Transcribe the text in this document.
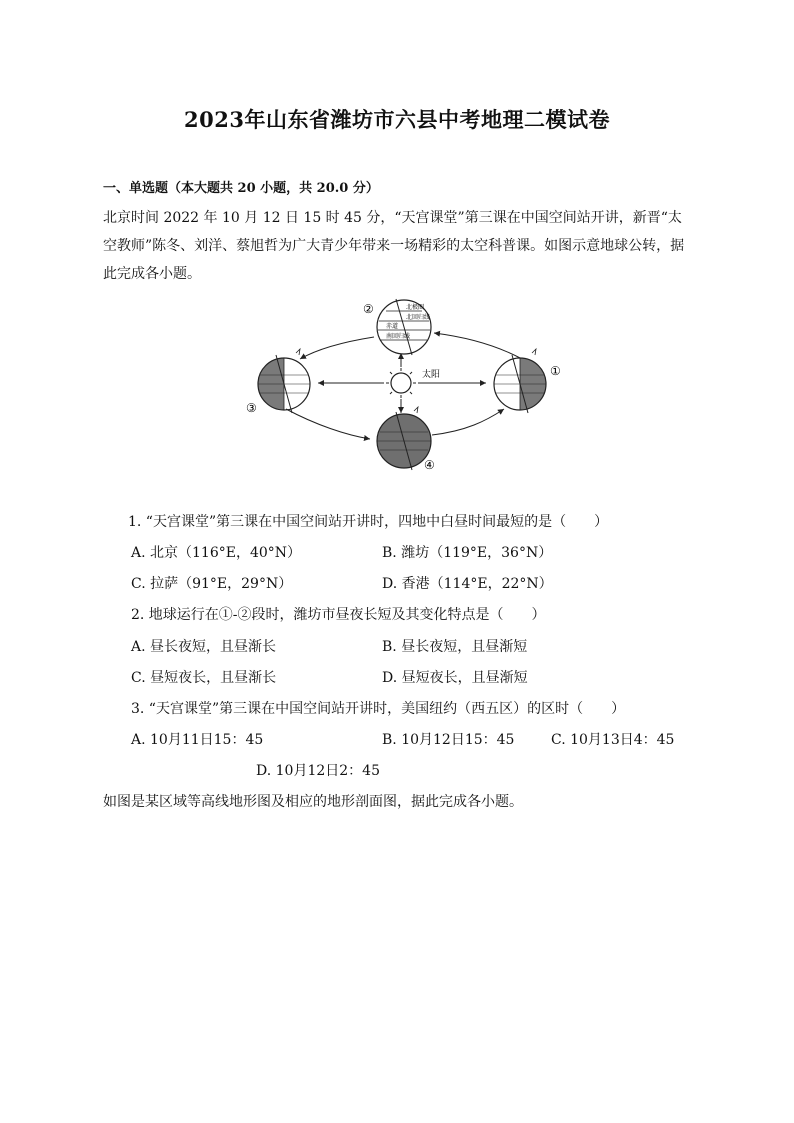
2023年山东省潍坊市六县中考地理二模试卷
一、单选题（本大题共 20 小题，共 20.0 分）
北京时间 2022 年 10 月 12 日 15 时 45 分，“天宫课堂”第三课在中国空间站开讲，新晋“太空教师”陈冬、刘洋、蔡旭哲为广大青少年带来一场精彩的太空科普课。如图示意地球公转，据此完成各小题。
太阳
北极圈
北回归线
赤道
南回归线
②
③
①
④
1. “天宫课堂”第三课在中国空间站开讲时，四地中白昼时间最短的是（　　）
A. 北京（116°E，40°N）	B. 潍坊（119°E，36°N）
C. 拉萨（91°E，29°N）	D. 香港（114°E，22°N）
2. 地球运行在①-②段时，潍坊市昼夜长短及其变化特点是（　　）
A. 昼长夜短，且昼渐长	B. 昼长夜短，且昼渐短
C. 昼短夜长，且昼渐长	D. 昼短夜长，且昼渐短
3. “天宫课堂”第三课在中国空间站开讲时，美国纽约（西五区）的区时（　　）
A. 10月11日15：45	B. 10月12日15：45	C. 10月13日4：45
D. 10月12日2：45
如图是某区域等高线地形图及相应的地形剖面图，据此完成各小题。
